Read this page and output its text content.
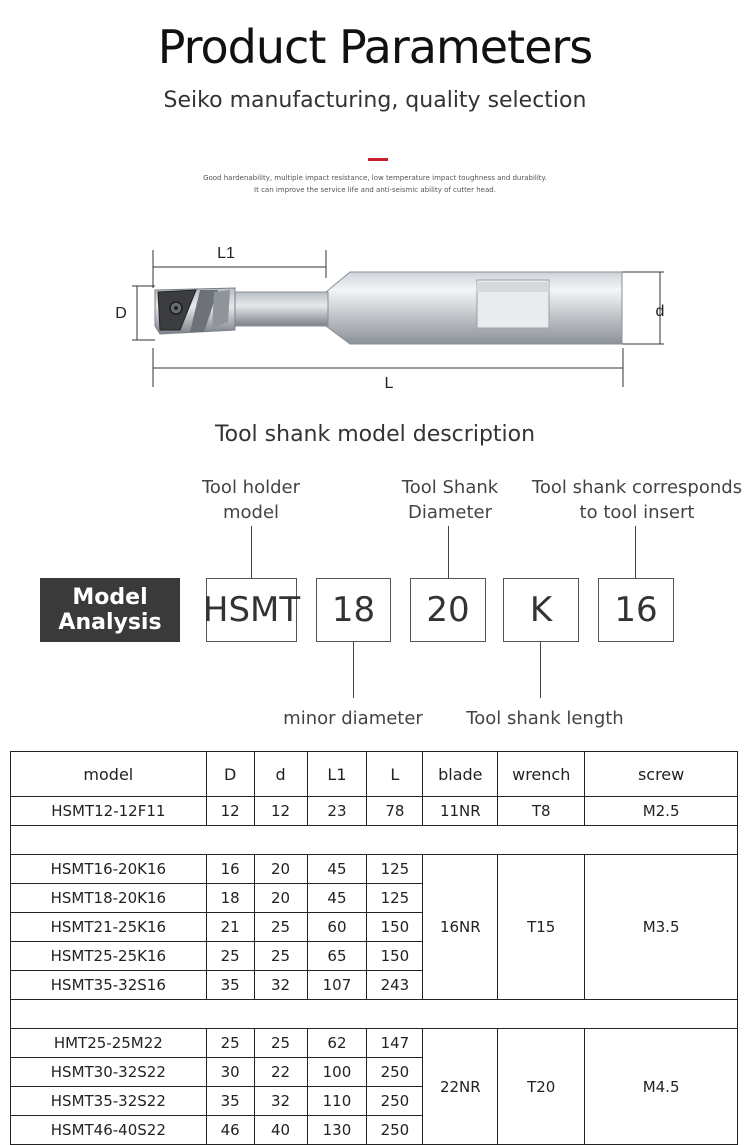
Product Parameters
Seiko manufacturing, quality selection
Good hardenability, multiple impact resistance, low temperature impact toughness and durability.
It can improve the service life and anti-seismic ability of cutter head.
L1
D	d
L
Tool shank model description
Tool holder
model
Tool Shank
Diameter
Tool shank corresponds
to tool insert
Model
Analysis	HSMT 18	20	K	16
minor diameter	Tool shank length
model	D	d	L1	L	blade	wrench	screw
HSMT12-12F11	12	12	23	78	11NR	T8	M2.5

HSMT16-20K16	16	20	45	125	16NR	T15	M3.5
HSMT18-20K16	18	20	45	125			
HSMT21-25K16	21	25	60	150			
HSMT25-25K16	25	25	65	150			
HSMT35-32S16	35	32	107	243			

HMT25-25M22	25	25	62	147	22NR	T20	M4.5
HSMT30-32S22	30	22	100	250			
HSMT35-32S22	35	32	110	250			
HSMT46-40S22	46	40	130	250			
